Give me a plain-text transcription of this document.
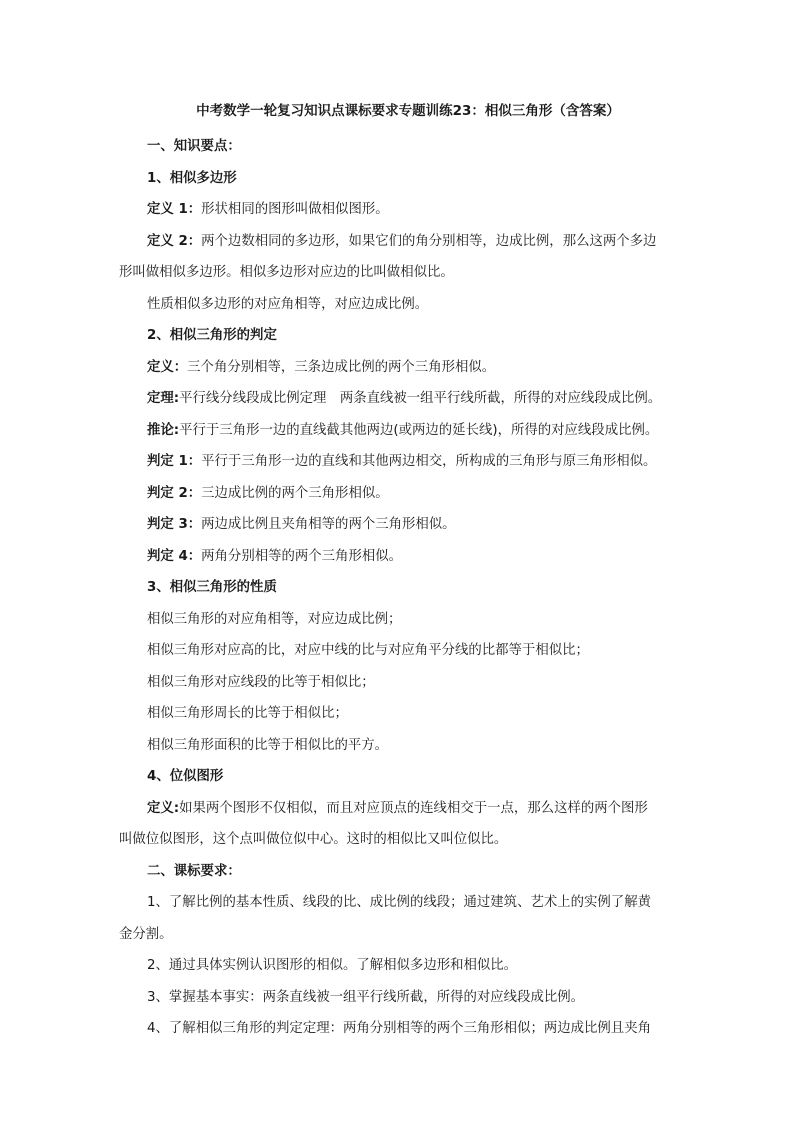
中考数学一轮复习知识点课标要求专题训练23：相似三角形（含答案）

一、知识要点：

1、相似多边形

定义 1：形状相同的图形叫做相似图形。

定义 2：两个边数相同的多边形，如果它们的角分别相等，边成比例，那么这两个多边

形叫做相似多边形。相似多边形对应边的比叫做相似比。

性质相似多边形的对应角相等，对应边成比例。

2、相似三角形的判定

定义：三个角分别相等，三条边成比例的两个三角形相似。

定理:平行线分线段成比例定理　两条直线被一组平行线所截，所得的对应线段成比例。

推论:平行于三角形一边的直线截其他两边(或两边的延长线)，所得的对应线段成比例。

判定 1：平行于三角形一边的直线和其他两边相交，所构成的三角形与原三角形相似。

判定 2：三边成比例的两个三角形相似。

判定 3：两边成比例且夹角相等的两个三角形相似。

判定 4：两角分别相等的两个三角形相似。

3、相似三角形的性质

相似三角形的对应角相等，对应边成比例；

相似三角形对应高的比，对应中线的比与对应角平分线的比都等于相似比；

相似三角形对应线段的比等于相似比；

相似三角形周长的比等于相似比；

相似三角形面积的比等于相似比的平方。

4、位似图形

定义:如果两个图形不仅相似，而且对应顶点的连线相交于一点，那么这样的两个图形

叫做位似图形，这个点叫做位似中心。这时的相似比又叫位似比。

二、课标要求：

1、了解比例的基本性质、线段的比、成比例的线段；通过建筑、艺术上的实例了解黄

金分割。

2、通过具体实例认识图形的相似。了解相似多边形和相似比。

3、掌握基本事实：两条直线被一组平行线所截，所得的对应线段成比例。

4、了解相似三角形的判定定理：两角分别相等的两个三角形相似；两边成比例且夹角
